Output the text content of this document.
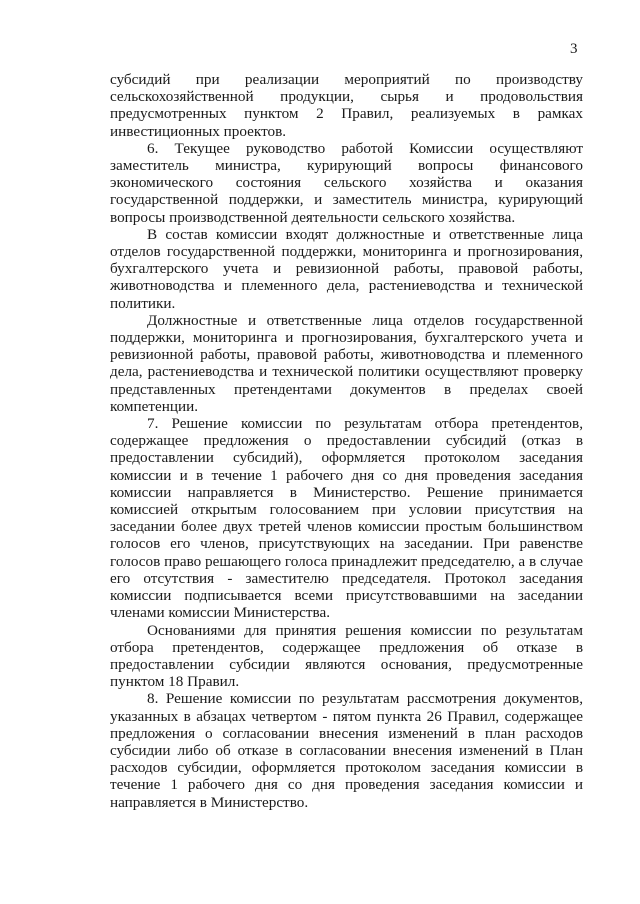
3

субсидий при реализации мероприятий по производству сельскохозяйственной продукции, сырья и продовольствия предусмотренных пунктом 2 Правил, реализуемых в рамках инвестиционных проектов.

6. Текущее руководство работой Комиссии осуществляют заместитель министра, курирующий вопросы финансового экономического состояния сельского хозяйства и оказания государственной поддержки, и заместитель министра, курирующий вопросы производственной деятельности сельского хозяйства.

В состав комиссии входят должностные и ответственные лица отделов государственной поддержки, мониторинга и прогнозирования, бухгалтерского учета и ревизионной работы, правовой работы, животноводства и племенного дела, растениеводства и технической политики.

Должностные и ответственные лица отделов государственной поддержки, мониторинга и прогнозирования, бухгалтерского учета и ревизионной работы, правовой работы, животноводства и племенного дела, растениеводства и технической политики осуществляют проверку представленных претендентами документов в пределах своей компетенции.

7. Решение комиссии по результатам отбора претендентов, содержащее предложения о предоставлении субсидий (отказ в предоставлении субсидий), оформляется протоколом заседания комиссии и в течение 1 рабочего дня со дня проведения заседания комиссии направляется в Министерство. Решение принимается комиссией открытым голосованием при условии присутствия на заседании более двух третей членов комиссии простым большинством голосов его членов, присутствующих на заседании. При равенстве голосов право решающего голоса принадлежит председателю, а в случае его отсутствия - заместителю председателя. Протокол заседания комиссии подписывается всеми присутствовавшими на заседании членами комиссии Министерства.

Основаниями для принятия решения комиссии по результатам отбора претендентов, содержащее предложения об отказе в предоставлении субсидии являются основания, предусмотренные пунктом 18 Правил.

8. Решение комиссии по результатам рассмотрения документов, указанных в абзацах четвертом - пятом пункта 26 Правил, содержащее предложения о согласовании внесения изменений в план расходов субсидии либо об отказе в согласовании внесения изменений в План расходов субсидии, оформляется протоколом заседания комиссии в течение 1 рабочего дня со дня проведения заседания комиссии и направляется в Министерство.
